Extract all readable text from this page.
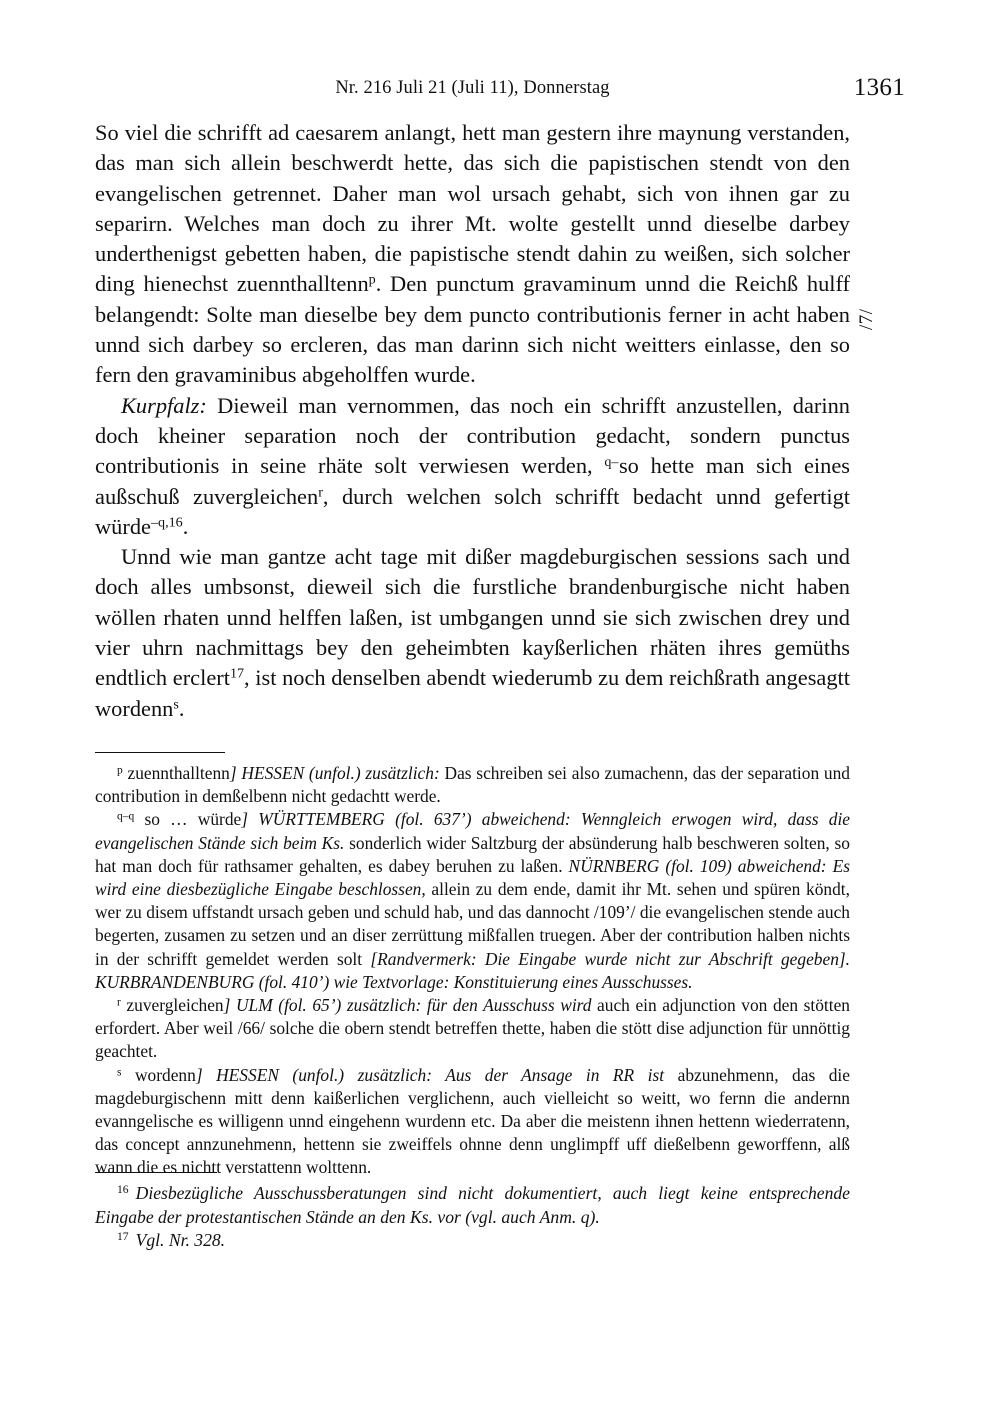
Nr. 216 Juli 21 (Juli 11), Donnerstag	1361

So viel die schrifft ad caesarem anlangt, hett man gestern ihre maynung verstanden, das man sich allein beschwerdt hette, das sich die papistischen stendt von den evangelischen getrennet. Daher man wol ursach gehabt, sich von ihnen gar zu separirn. Welches man doch zu ihrer Mt. wolte gestellt unnd dieselbe darbey underthenigst gebetten haben, die papistische stendt dahin zu weißen, sich solcher ding hienechst zuennthalltenn$^p$. Den punctum gravaminum unnd die Reichß hulff belangendt: Solte man dieselbe bey dem puncto contributionis ferner in acht haben unnd sich darbey so ercleren, das man darinn sich nicht weitters einlasse, den so fern den gravaminibus abgeholffen wurde.

Kurpfalz: Dieweil man vernommen, das noch ein schrifft anzustellen, darinn doch kheiner separation noch der contribution gedacht, sondern punctus contributionis in seine rhäte solt verwiesen werden, $^{q-}$so hette man sich eines außschuß zuvergleichen$^r$, durch welchen solch schrifft bedacht unnd gefertigt würde$^{-q,16}$.

Unnd wie man gantze acht tage mit dißer magdeburgischen sessions sach und doch alles umbsonst, dieweil sich die furstliche brandenburgische nicht haben wöllen rhaten unnd helffen laßen, ist umbgangen unnd sie sich zwischen drey und vier uhrn nachmittags bey den geheimbten kayßerlichen rhäten ihres gemüths endtlich erclert$^{17}$, ist noch denselben abendt wiederumb zu dem reichßrath angesagtt wordenn$^s$.

/7/

$^p$ zuennthalltenn] HESSEN (unfol.) zusätzlich: Das schreiben sei also zumachenn, das der separation und contribution in demßelbenn nicht gedachtt werde.

$^{q-q}$ so … würde] WÜRTTEMBERG (fol. 637’) abweichend: Wenngleich erwogen wird, dass die evangelischen Stände sich beim Ks. sonderlich wider Saltzburg der absünderung halb beschweren solten, so hat man doch für rathsamer gehalten, es dabey beruhen zu laßen. NÜRNBERG (fol. 109) abweichend: Es wird eine diesbezügliche Eingabe beschlossen, allein zu dem ende, damit ihr Mt. sehen und spüren köndt, wer zu disem uffstandt ursach geben und schuld hab, und das dannocht /109’/ die evangelischen stende auch begerten, zusamen zu setzen und an diser zerrüttung mißfallen truegen. Aber der contribution halben nichts in der schrifft gemeldet werden solt [Randvermerk: Die Eingabe wurde nicht zur Abschrift gegeben]. KURBRANDENBURG (fol. 410’) wie Textvorlage: Konstituierung eines Ausschusses.

$^r$ zuvergleichen] ULM (fol. 65’) zusätzlich: für den Ausschuss wird auch ein adjunction von den stötten erfordert. Aber weil /66/ solche die obern stendt betreffen thette, haben die stött dise adjunction für unnöttig geachtet.

$^s$ wordenn] HESSEN (unfol.) zusätzlich: Aus der Ansage in RR ist abzunehmenn, das die magdeburgischenn mitt denn kaißerlichen verglichenn, auch vielleicht so weitt, wo fernn die andernn evanngelische es willigenn unnd eingehenn wurdenn etc. Da aber die meistenn ihnen hettenn wiederratenn, das concept annzunehmenn, hettenn sie zweiffels ohnne denn unglimpff uff dießelbenn geworffenn, alß wann die es nichtt verstattenn wolttenn.

$^{16}$ Diesbezügliche Ausschussberatungen sind nicht dokumentiert, auch liegt keine entsprechende Eingabe der protestantischen Stände an den Ks. vor (vgl. auch Anm. q).

$^{17}$ Vgl. Nr. 328.
